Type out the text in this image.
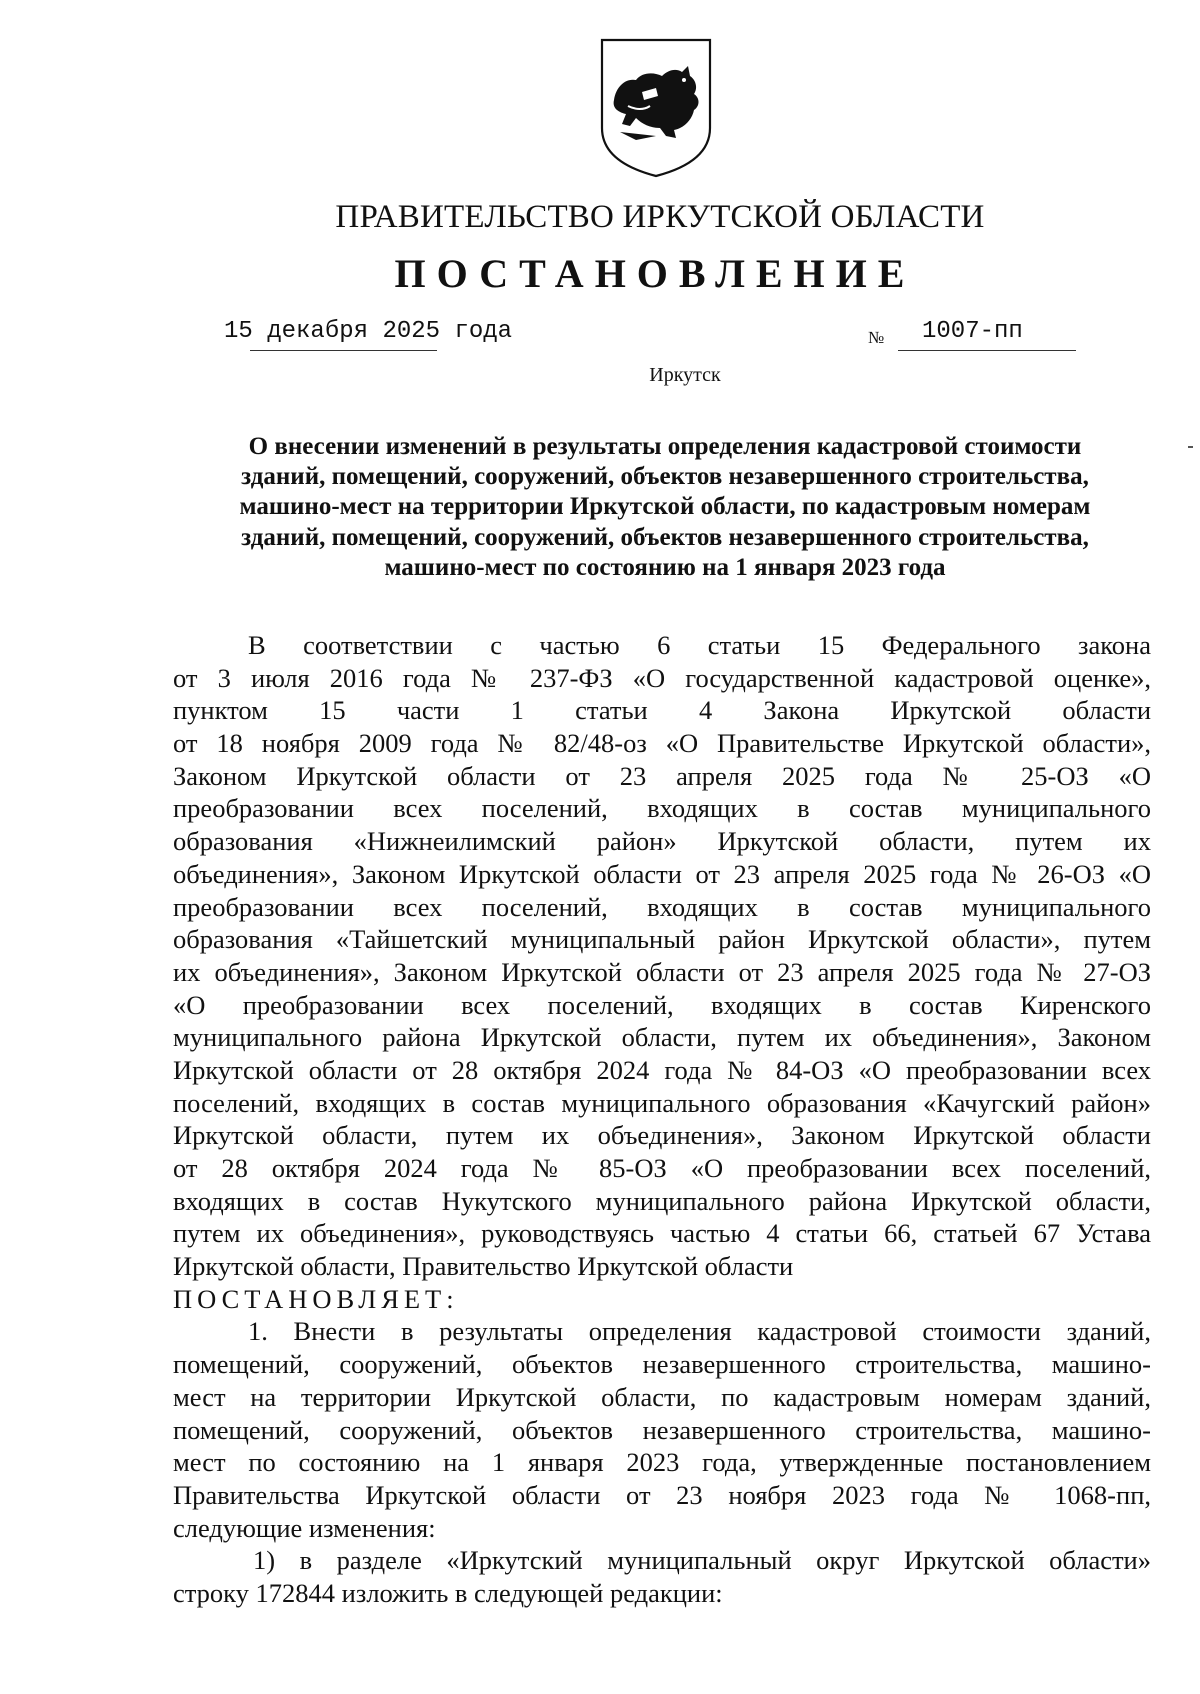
ПРАВИТЕЛЬСТВО ИРКУТСКОЙ ОБЛАСТИ
ПОСТАНОВЛЕНИЕ
15 декабря 2025 года	№ 1007-пп
Иркутск
О внесении изменений в результаты определения кадастровой стоимости
зданий, помещений, сооружений, объектов незавершенного строительства,
машино-мест на территории Иркутской области, по кадастровым номерам
зданий, помещений, сооружений, объектов незавершенного строительства,
машино-мест по состоянию на 1 января 2023 года
В соответствии с частью 6 статьи 15 Федерального закона
от 3 июля 2016 года № 237-ФЗ «О государственной кадастровой оценке»,
пунктом 15 части 1 статьи 4 Закона Иркутской области
от 18 ноября 2009 года № 82/48-оз «О Правительстве Иркутской области»,
Законом Иркутской области от 23 апреля 2025 года № 25-ОЗ «О
преобразовании всех поселений, входящих в состав муниципального
образования «Нижнеилимский район» Иркутской области, путем их
объединения», Законом Иркутской области от 23 апреля 2025 года № 26-ОЗ «О
преобразовании всех поселений, входящих в состав муниципального
образования «Тайшетский муниципальный район Иркутской области», путем
их объединения», Законом Иркутской области от 23 апреля 2025 года № 27-ОЗ
«О преобразовании всех поселений, входящих в состав Киренского
муниципального района Иркутской области, путем их объединения», Законом
Иркутской области от 28 октября 2024 года № 84-ОЗ «О преобразовании всех
поселений, входящих в состав муниципального образования «Качугский район»
Иркутской области, путем их объединения», Законом Иркутской области
от 28 октября 2024 года № 85-ОЗ «О преобразовании всех поселений,
входящих в состав Нукутского муниципального района Иркутской области,
путем их объединения», руководствуясь частью 4 статьи 66, статьей 67 Устава
Иркутской области, Правительство Иркутской области
ПОСТАНОВЛЯЕТ:
1. Внести в результаты определения кадастровой стоимости зданий,
помещений, сооружений, объектов незавершенного строительства, машино-
мест на территории Иркутской области, по кадастровым номерам зданий,
помещений, сооружений, объектов незавершенного строительства, машино-
мест по состоянию на 1 января 2023 года, утвержденные постановлением
Правительства Иркутской области от 23 ноября 2023 года № 1068-пп,
следующие изменения:
1) в разделе «Иркутский муниципальный округ Иркутской области»
строку 172844 изложить в следующей редакции:
